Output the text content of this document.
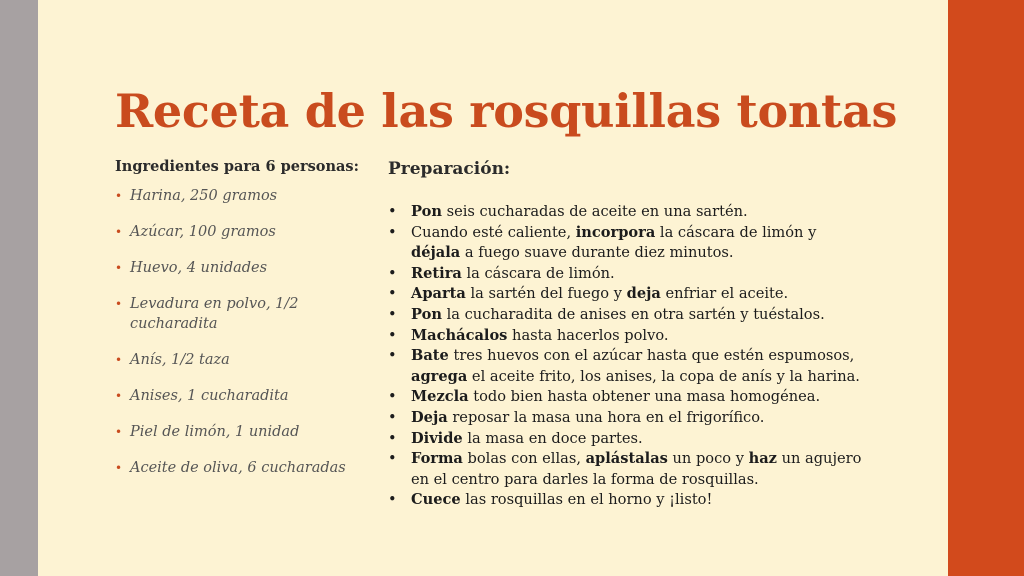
Receta de las rosquillas tontas
Ingredientes para 6 personas:
• Harina, 250 gramos
• Azúcar, 100 gramos
• Huevo, 4 unidades
• Levadura en polvo, 1/2 cucharadita
• Anís, 1/2 taza
• Anises, 1 cucharadita
• Piel de limón, 1 unidad
• Aceite de oliva, 6 cucharadas
Preparación:
• Pon seis cucharadas de aceite en una sartén.
• Cuando esté caliente, incorpora la cáscara de limón y déjala a fuego suave durante diez minutos.
• Retira la cáscara de limón.
• Aparta la sartén del fuego y deja enfriar el aceite.
• Pon la cucharadita de anises en otra sartén y tuéstalos.
• Machácalos hasta hacerlos polvo.
• Bate tres huevos con el azúcar hasta que estén espumosos, agrega el aceite frito, los anises, la copa de anís y la harina.
• Mezcla todo bien hasta obtener una masa homogénea.
• Deja reposar la masa una hora en el frigorífico.
• Divide la masa en doce partes.
• Forma bolas con ellas, aplástalas un poco y haz un agujero en el centro para darles la forma de rosquillas.
• Cuece las rosquillas en el horno y ¡listo!
